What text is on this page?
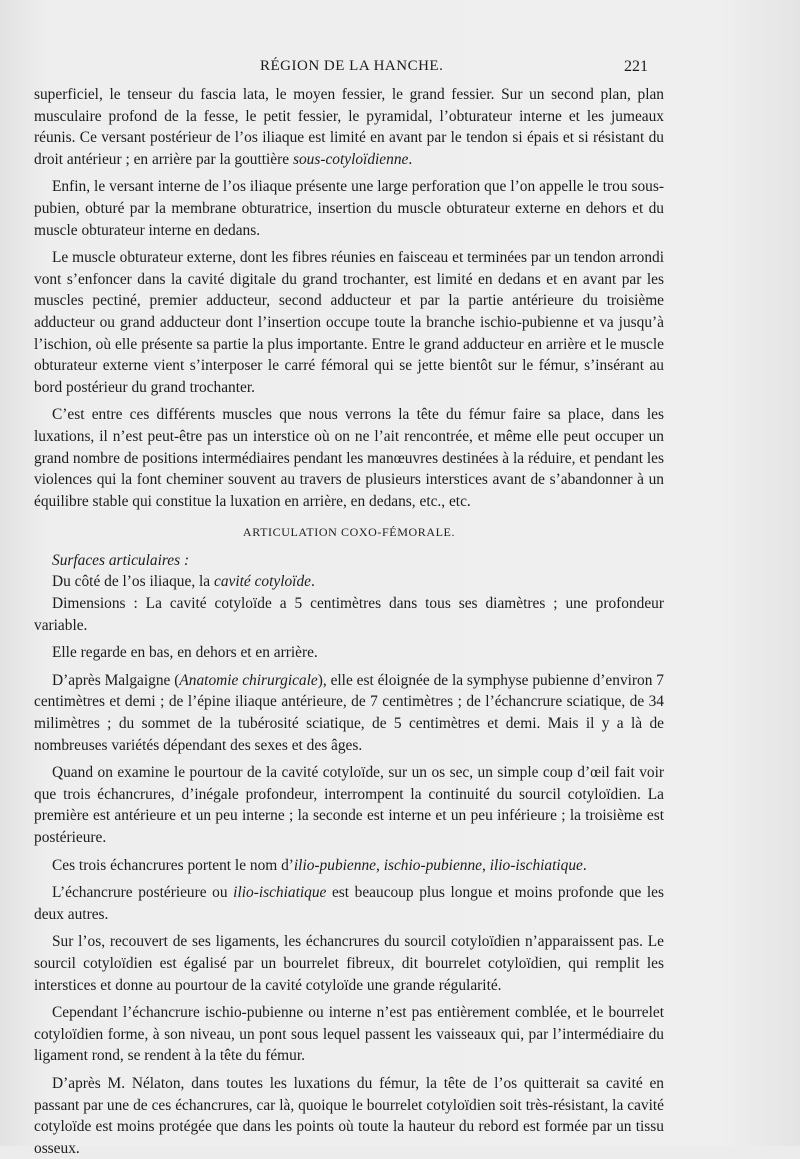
RÉGION DE LA HANCHE.	221

superficiel, le tenseur du fascia lata, le moyen fessier, le grand fessier. Sur un second plan, plan musculaire profond de la fesse, le petit fessier, le pyramidal, l’obturateur interne et les jumeaux réunis. Ce versant postérieur de l’os iliaque est limité en avant par le tendon si épais et si résistant du droit antérieur ; en arrière par la gouttière sous-cotyloïdienne.

Enfin, le versant interne de l’os iliaque présente une large perforation que l’on appelle le trou sous-pubien, obturé par la membrane obturatrice, insertion du muscle obturateur externe en dehors et du muscle obturateur interne en dedans.

Le muscle obturateur externe, dont les fibres réunies en faisceau et terminées par un tendon arrondi vont s’enfoncer dans la cavité digitale du grand trochanter, est limité en dedans et en avant par les muscles pectiné, premier adducteur, second adducteur et par la partie antérieure du troisième adducteur ou grand adducteur dont l’insertion occupe toute la branche ischio-pubienne et va jusqu’à l’ischion, où elle présente sa partie la plus importante. Entre le grand adducteur en arrière et le muscle obturateur externe vient s’interposer le carré fémoral qui se jette bientôt sur le fémur, s’insérant au bord postérieur du grand trochanter.

C’est entre ces différents muscles que nous verrons la tête du fémur faire sa place, dans les luxations, il n’est peut-être pas un interstice où on ne l’ait rencontrée, et même elle peut occuper un grand nombre de positions intermédiaires pendant les manœuvres destinées à la réduire, et pendant les violences qui la font cheminer souvent au travers de plusieurs interstices avant de s’abandonner à un équilibre stable qui constitue la luxation en arrière, en dedans, etc., etc.

ARTICULATION COXO-FÉMORALE.

Surfaces articulaires :

Du côté de l’os iliaque, la cavité cotyloïde.

Dimensions : La cavité cotyloïde a 5 centimètres dans tous ses diamètres ; une profondeur variable.

Elle regarde en bas, en dehors et en arrière.

D’après Malgaigne (Anatomie chirurgicale), elle est éloignée de la symphyse pubienne d’environ 7 centimètres et demi ; de l’épine iliaque antérieure, de 7 centimètres ; de l’échancrure sciatique, de 34 milimètres ; du sommet de la tubérosité sciatique, de 5 centimètres et demi. Mais il y a là de nombreuses variétés dépendant des sexes et des âges.

Quand on examine le pourtour de la cavité cotyloïde, sur un os sec, un simple coup d’œil fait voir que trois échancrures, d’inégale profondeur, interrompent la continuité du sourcil cotyloïdien. La première est antérieure et un peu interne ; la seconde est interne et un peu inférieure ; la troisième est postérieure.

Ces trois échancrures portent le nom d’ilio-pubienne, ischio-pubienne, ilio-ischiatique.

L’échancrure postérieure ou ilio-ischiatique est beaucoup plus longue et moins profonde que les deux autres.

Sur l’os, recouvert de ses ligaments, les échancrures du sourcil cotyloïdien n’apparaissent pas. Le sourcil cotyloïdien est égalisé par un bourrelet fibreux, dit bourrelet cotyloïdien, qui remplit les interstices et donne au pourtour de la cavité cotyloïde une grande régularité.

Cependant l’échancrure ischio-pubienne ou interne n’est pas entièrement comblée, et le bourrelet cotyloïdien forme, à son niveau, un pont sous lequel passent les vaisseaux qui, par l’intermédiaire du ligament rond, se rendent à la tête du fémur.

D’après M. Nélaton, dans toutes les luxations du fémur, la tête de l’os quitterait sa cavité en passant par une de ces échancrures, car là, quoique le bourrelet cotyloïdien soit très-résistant, la cavité cotyloïde est moins protégée que dans les points où toute la hauteur du rebord est formée par un tissu osseux.
